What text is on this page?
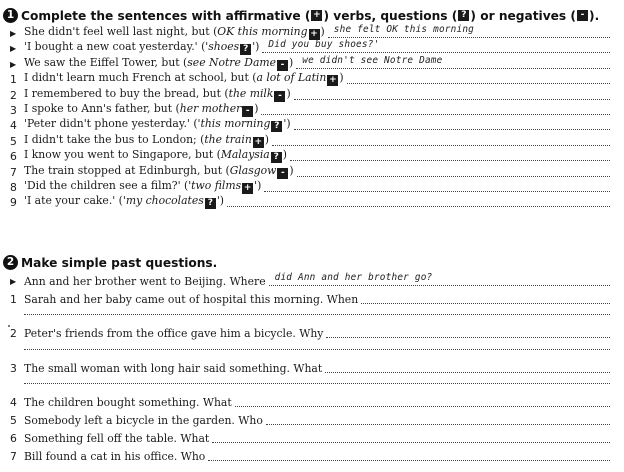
1 Complete the sentences with affirmative ( + ) verbs, questions ( ? ) or negatives ( - ).
▶ She didn't feel well last night, but (OK this morning + ) she felt OK this morning
▶ 'I bought a new coat yesterday.' ('shoes ? ') Did you buy shoes?'
▶ We saw the Eiffel Tower, but (see Notre Dame - ) we didn't see Notre Dame
1 I didn't learn much French at school, but (a lot of Latin + )
2 I remembered to buy the bread, but (the milk - )
3 I spoke to Ann's father, but (her mother - )
4 'Peter didn't phone yesterday.' ('this morning ? ')
5 I didn't take the bus to London; (the train + )
6 I know you went to Singapore, but (Malaysia ? )
7 The train stopped at Edinburgh, but (Glasgow - )
8 'Did the children see a film?' ('two films + ')
9 'I ate your cake.' ('my chocolates ? ')
2 Make simple past questions.
▶ Ann and her brother went to Beijing. Where did Ann and her brother go?
1 Sarah and her baby came out of hospital this morning. When
2 Peter's friends from the office gave him a bicycle. Why
3 The small woman with long hair said something. What
4 The children bought something. What
5 Somebody left a bicycle in the garden. Who
6 Something fell off the table. What
7 Bill found a cat in his office. Who
